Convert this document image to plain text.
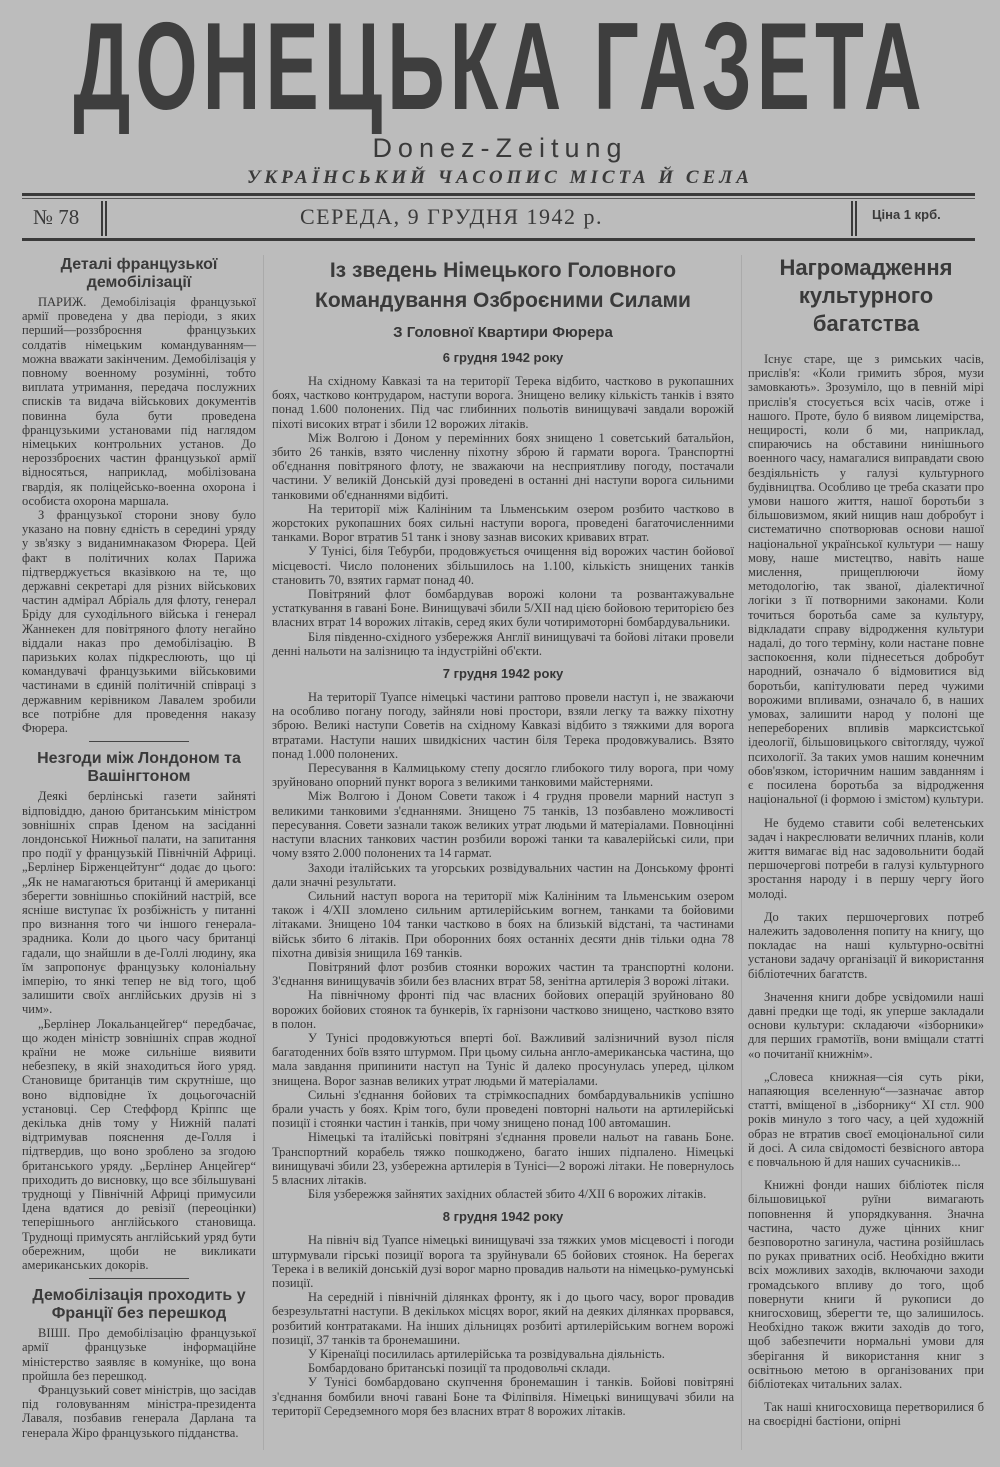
ДОНЕЦЬКА ГАЗЕТА
Donez-Zeitung
УКРАЇНСЬКИЙ ЧАСОПИС МІСТА Й СЕЛА
№ 78	СЕРЕДА, 9 ГРУДНЯ 1942 р.	Ціна 1 крб.
Деталі французької демобілізації

ПАРИЖ. Демобілізація французької армії проведена у два періоди, з яких перший—роззброєння французьких солдатів німецьким командуванням—можна вважати закінченим. Демобілізація у повному военному розумінні, тобто виплата утримання, передача послужних списків та видача військових документів повинна була бути проведена французькими установами під наглядом німецьких контрольних установ. До нероззброєних частин французької армії відносяться, наприклад, мобілізована гвардія, як поліцейсько-военна охорона і особиста охорона маршала.

З французької сторони знову було указано на повну єдність в середині уряду у зв'язку з виданимнаказом Фюрера. Цей факт в політичних колах Парижа підтверджується вказівкою на те, що державні секретарі для різних військових частин адмірал Абріаль для флоту, генерал Бріду для суходільного війська і генерал Жаннекен для повітряного флоту негайно віддали наказ про демобілізацію. В паризьких колах підкреслюють, що ці командувачі французькими військовими частинами в єдиній політичній співраці з державним керівником Лавалем зробили все потрібне для проведення наказу Фюрера.

Незгоди між Лондоном та Вашінгтоном

Деякі берлінські газети зайняті відповіддю, даною британським міністром зовнішніх справ Іденом на засіданні лондонської Нижньої палати, на запитання про події у французькій Північній Африці. „Берлінер Бірженцейтунг“ додає до цього: „Як не намагаються британці й американці зберегти зовнішньо спокійний настрій, все ясніше виступає їх розбіжність у питанні про визнання того чи іншого генерала-зрадника. Коли до цього часу британці гадали, що знайшли в де-Голлі людину, яка їм запропонує французьку колоніальну імперію, то янкі тепер не від того, щоб залишити своїх англійських друзів ні з чим».

„Берлінер Локальанцейгер“ передбачає, що жоден міністр зовнішніх справ жодної країни не може сильніше виявити небезпеку, в якій знаходиться його уряд. Становище британців тим скрутніше, що воно відповідне їх доцьогочасній установці. Сер Стеффорд Кріппс ще декілька днів тому у Нижній палаті відтримував пояснення де-Голля і підтвердив, що воно зроблено за згодою британського уряду. „Берлінер Анцейгер“ приходить до висновку, що все збільшувані труднощі у Північній Африці примусили Ідена вдатися до ревізії (переоцінки) теперішнього англійського становища. Труднощі примусять англійський уряд бути обережним, щоби не викликати американських докорів.

Демобілізація проходить у Франції без перешкод

ВІШІ. Про демобілізацію французької армії французьке інформаційне міністерство заявляє в комуніке, що вона пройшла без перешкод.

Французький совет міністрів, що засідав під головуванням міністра-президента Лаваля, позбавив генерала Дарлана та генерала Жіро французького підданства.

Із зведень Німецького Головного Командування Озброєними Силами
З Головної Квартири Фюрера
6 грудня 1942 року

На східному Кавказі та на території Терека відбито, частково в рукопашних боях, частково контрударом, наступи ворога. Знищено велику кількість танків і взято понад 1.600 полонених. Під час глибинних польотів винищувачі завдали ворожій піхоті високих втрат і збили 12 ворожих літаків.

Між Волгою і Доном у перемінних боях знищено 1 советський батальйон, збито 26 танків, взято численну піхотну зброю й гармати ворога. Транспортні об'єднання повітряного флоту, не зважаючи на несприятливу погоду, постачали частини. У великій Донській дузі проведені в останні дні наступи ворога сильними танковими об'єднаннями відбиті.

На території між Калініним та Ільменським озером розбито частково в жорстоких рукопашних боях сильні наступи ворога, проведені багаточисленними танками. Ворог втратив 51 танк і знову зазнав високих кривавих втрат.

У Тунісі, біля Тебурби, продовжується очищення від ворожих частин бойової місцевості. Число полонених збільшилось на 1.100, кількість знищених танків становить 70, взятих гармат понад 40.

Повітряний флот бомбардував ворожі колони та розвантажувальне устаткування в гавані Боне. Винищувачі збили 5/XII над цією бойовою територією без власних втрат 14 ворожих літаків, серед яких були чотиримоторні бомбардувальники.

Біля південно-східного узбережжя Англії винищувачі та бойові літаки провели денні нальоти на залізницю та індустрійні об'єкти.

7 грудня 1942 року

На території Туапсе німецькі частини раптово провели наступ і, не зважаючи на особливо погану погоду, зайняли нові простори, взяли легку та важку піхотну зброю. Великі наступи Советів на східному Кавказі відбито з тяжкими для ворога втратами. Наступи наших швидкісних частин біля Терека продовжувались. Взято понад 1.000 полонених.

Пересування в Калмицькому степу досягло глибокого тилу ворога, при чому зруйновано опорний пункт ворога з великими танковими майстернями.

Між Волгою і Доном Совети також і 4 грудня провели марний наступ з великими танковими з'єднаннями. Знищено 75 танків, 13 позбавлено можливості пересування. Совети зазнали також великих утрат людьми й матеріалами. Повноцінні наступи власних танкових частин розбили ворожі танки та кавалерійські сили, при чому взято 2.000 полонених та 14 гармат.

Заходи італійських та угорських розвідувальних частин на Донському фронті дали значні результати.

Сильний наступ ворога на території між Калініним та Ільменським озером також і 4/XII зломлено сильним артилерійським вогнем, танками та бойовими літаками. Знищено 104 танки частково в боях на близькій відстані, та частинами військ збито 6 літаків. При оборонних боях останніх десяти днів тільки одна 78 піхотна дивізія знищила 169 танків.

Повітряний флот розбив стоянки ворожих частин та транспортні колони. З'єднання винищувачів збили без власних втрат 58, зенітна артилерія 3 ворожі літаки.

На північному фронті під час власних бойових операцій зруйновано 80 ворожих бойових стоянок та бункерів, їх гарнізони частково знищено, частково взято в полон.

У Тунісі продовжуються вперті бої. Важливий залізничний вузол після багатоденних боїв взято штурмом. При цьому сильна англо-американська частина, що мала завдання припинити наступ на Туніс й далеко просунулась уперед, цілком знищена. Ворог зазнав великих утрат людьми й матеріалами.

Сильні з'єднання бойових та стрімкоспадних бомбардувальників успішно брали участь у боях. Крім того, були проведені повторні нальоти на артилерійські позиції і стоянки частин і танків, при чому знищено понад 100 автомашин.

Німецькі та італійські повітряні з'єднання провели нальот на гавань Боне. Транспортний корабель тяжко пошкоджено, багато інших підпалено. Німецькі винищувачі збили 23, узбережна артилерія в Тунісі—2 ворожі літаки. Не повернулось 5 власних літаків.

Біля узбережжя зайнятих західних областей збито 4/XII 6 ворожих літаків.

8 грудня 1942 року

На північ від Туапсе німецькі винищувачі зза тяжких умов місцевості і погоди штурмували гірські позиції ворога та зруйнували 65 бойових стоянок. На берегах Терека і в великій донській дузі ворог марно провадив нальоти на німецько-румунські позиції.

На середній і північній ділянках фронту, як і до цього часу, ворог провадив безрезультатні наступи. В декількох місцях ворог, який на деяких ділянках прорвався, розбитий контратаками. На інших дільницях розбиті артилерійським вогнем ворожі позиції, 37 танків та бронемашини.

У Кіренаїці посилилась артилерійська та розвідувальна діяльність.

Бомбардовано британські позиції та продовольчі склади.

У Тунісі бомбардовано скупчення бронемашин і танків. Бойові повітряні з'єднання бомбили вночі гавані Боне та Філіпвіля. Німецькі винищувачі збили на території Середземного моря без власних втрат 8 ворожих літаків.

Нагромадження культурного багатства

Існує старе, ще з римських часів, прислів'я: «Коли гримить зброя, музи замовкають». Зрозуміло, що в певній мірі прислів'я стосується всіх часів, отже і нашого. Проте, було б виявом лицемірства, нещирості, коли б ми, наприклад, спираючись на обставини нинішнього военного часу, намагалися виправдати свою бездіяльність у галузі культурного будівництва. Особливо це треба сказати про умови нашого життя, нашої боротьби з більшовизмом, який нищив наш добробут і систематично спотворював основи нашої національної української культури — нашу мову, наше мистецтво, навіть наше мислення, прищеплюючи йому методологію, так званої, діалектичної логіки з її потворними законами. Коли точиться боротьба саме за культуру, відкладати справу відродження культури надалі, до того терміну, коли настане повне заспокоєння, коли піднесеться добробут народний, означало б відмовитися від боротьби, капітулювати перед чужими ворожими впливами, означало б, в наших умовах, залишити народ у полоні ще непереборених впливів марксистської ідеології, більшовицького світогляду, чужої психології. За таких умов нашим конечним обов'язком, історичним нашим завданням і є посилена боротьба за відродження національної (і формою і змістом) культури.

Не будемо ставити собі велетенських задач і накреслювати величних планів, коли життя вимагає від нас задовольнити бодай першочергові потреби в галузі культурного зростання народу і в першу чергу його молоді.

До таких першочергових потреб належить задоволення попиту на книгу, що покладає на наші культурно-освітні установи задачу організації й використання бібліотечних багатств.

Значення книги добре усвідомили наші давні предки ще тоді, як уперше закладали основи культури: складаючи «ізборники» для перших грамотіїв, вони вміщали статті «о почитанії книжнім».

„Словеса книжная—сія суть ріки, напаяющия вселенную“—зазначає автор статті, вміщеної в „ізборнику“ XI стл. 900 років минуло з того часу, а цей художній образ не втратив своєї емоціональної сили й досі. А сила свідомості безвісного автора є повчальною й для наших сучасників...

Книжні фонди наших бібліотек після більшовицької руїни вимагають поповнення й упорядкування. Значна частина, часто дуже цінних книг безповоротно загинула, частина розійшлась по руках приватних осіб. Необхідно вжити всіх можливих заходів, включаючи заходи громадського впливу до того, щоб повернути книги й рукописи до книгосховищ, зберегти те, що залишилось. Необхідно також вжити заходів до того, щоб забезпечити нормальні умови для зберігання й використання книг з освітньою метою в організованих при бібліотеках читальних залах.

Так наші книгосховища перетворилися б на своєрідні бастіони, опірні
